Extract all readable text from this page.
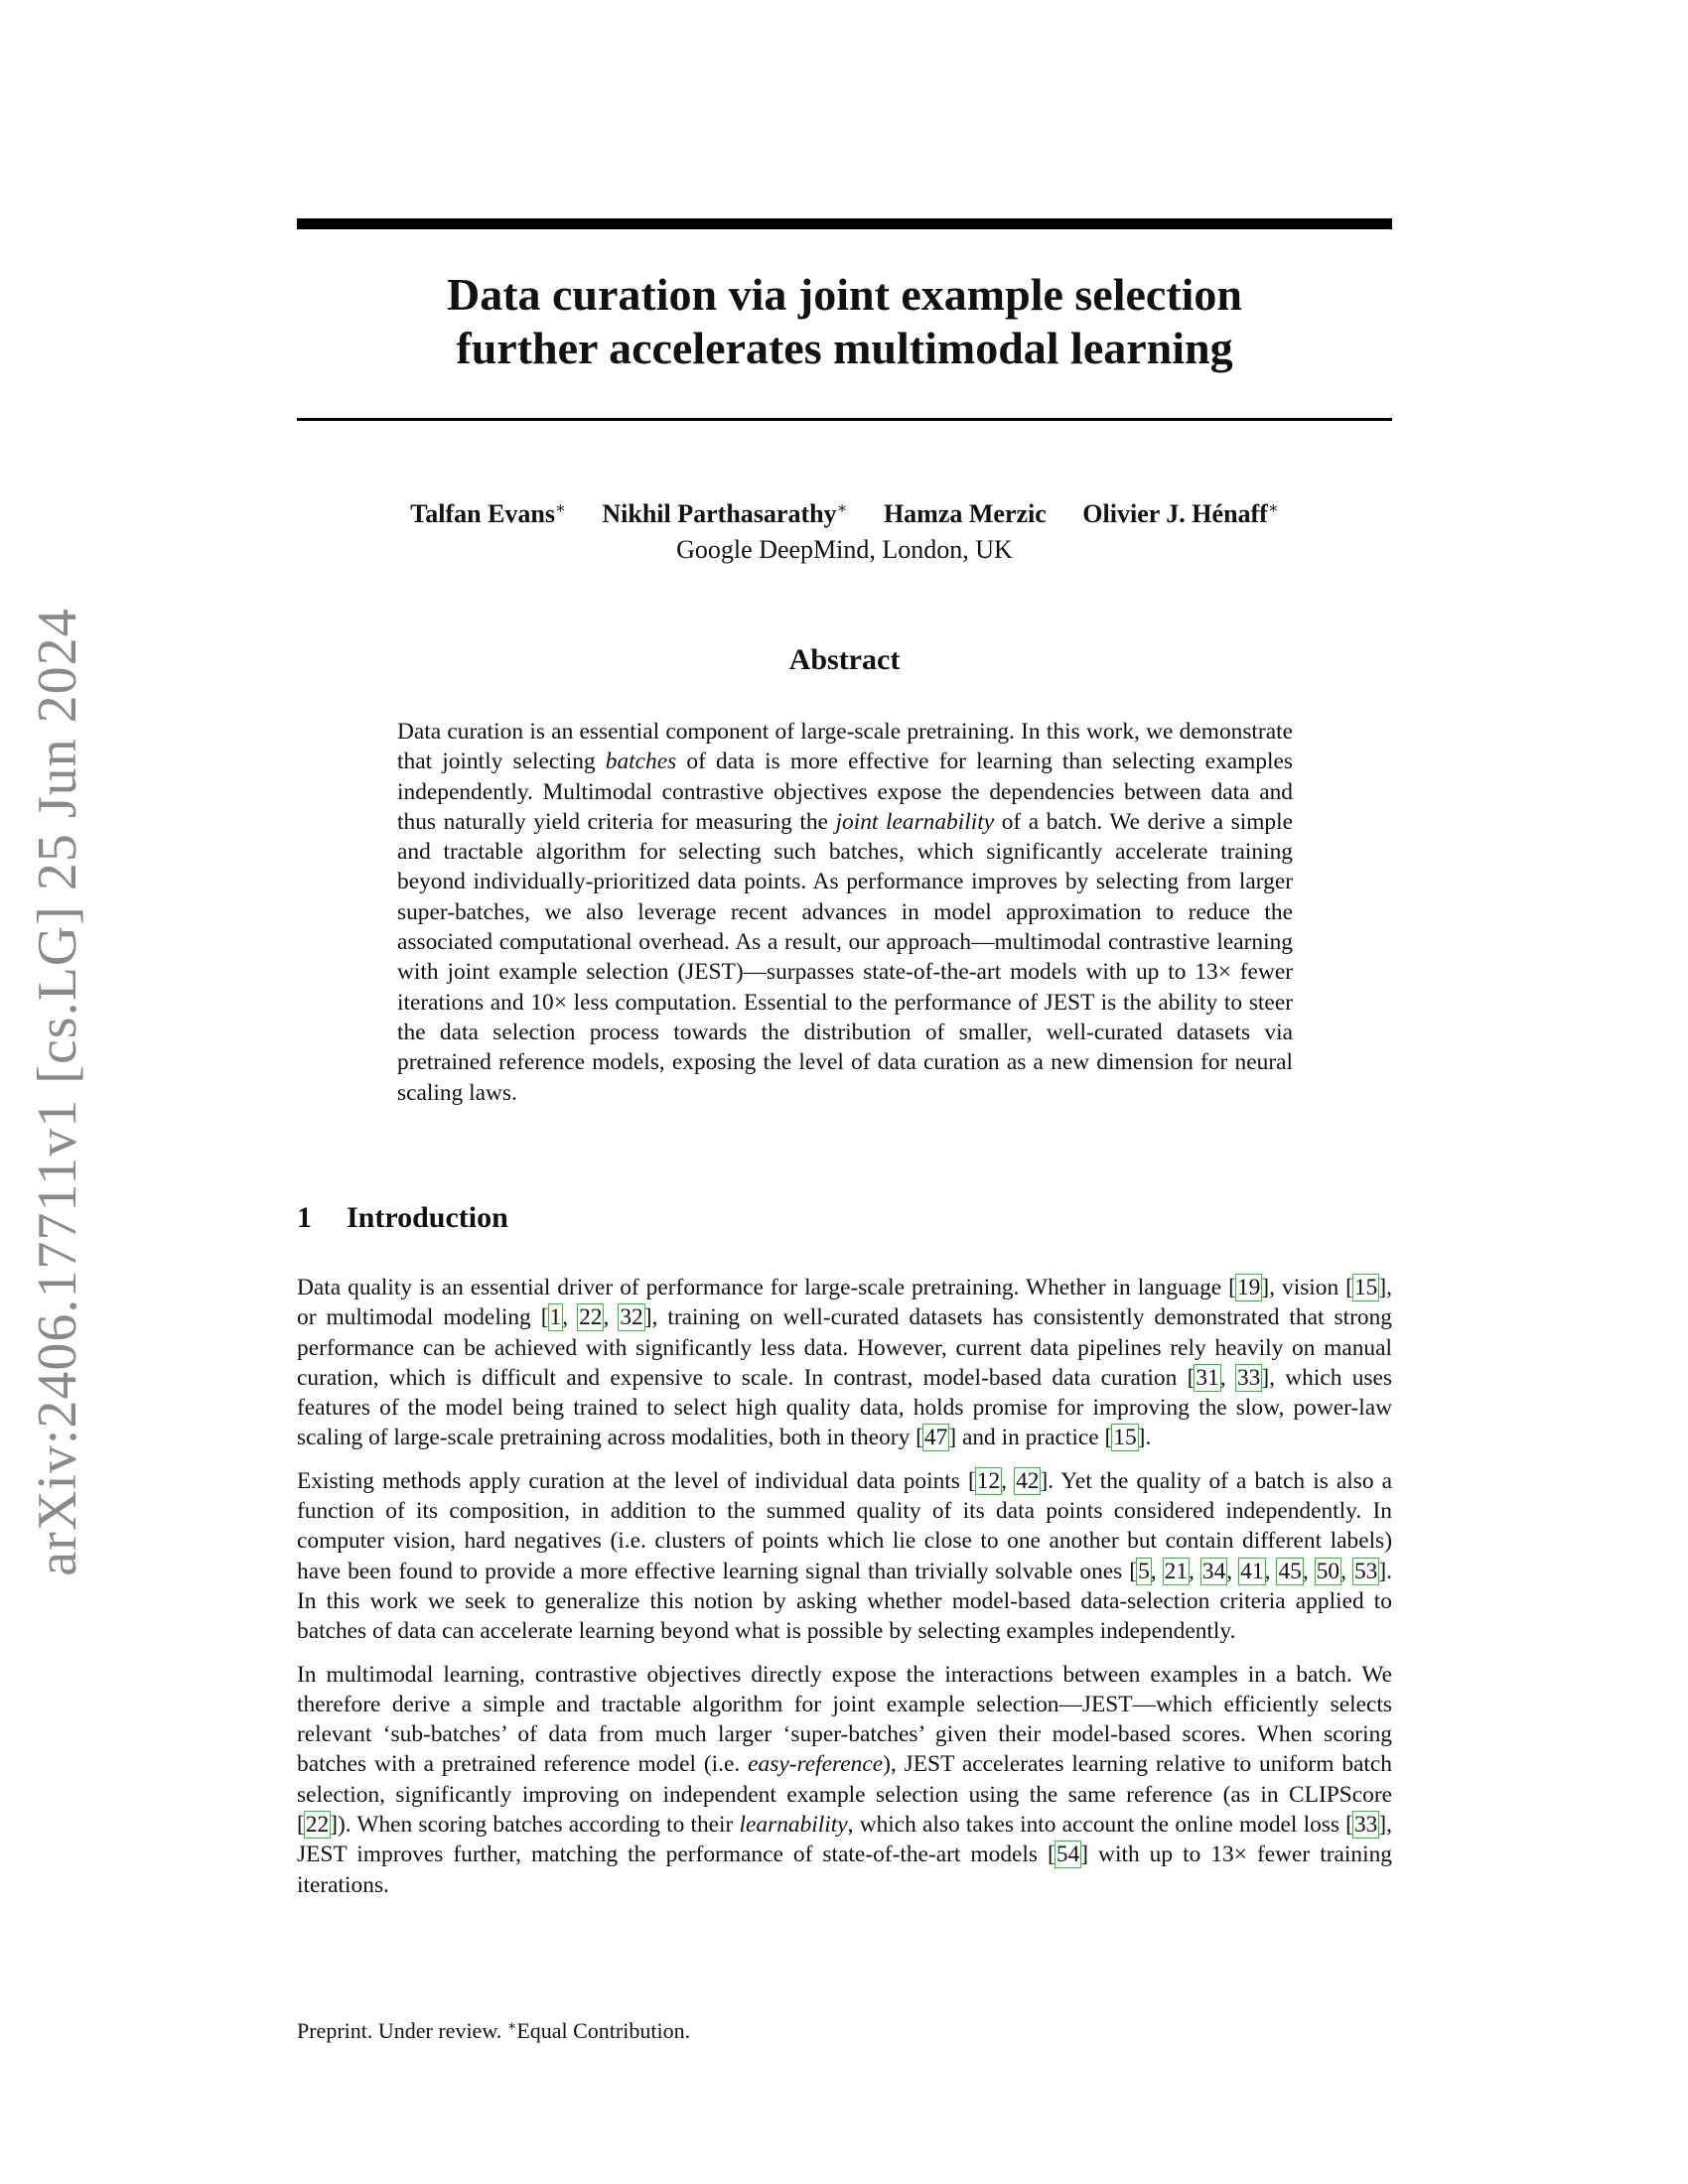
arXiv:2406.17711v1 [cs.LG] 25 Jun 2024
Data curation via joint example selection
further accelerates multimodal learning
Talfan Evans∗ Nikhil Parthasarathy∗ Hamza Merzic Olivier J. Hénaff∗
Google DeepMind, London, UK
Abstract

Data curation is an essential component of large-scale pretraining. In this work, we demonstrate that jointly selecting batches of data is more effective for learning than selecting examples independently. Multimodal contrastive objectives expose the dependencies between data and thus naturally yield criteria for measuring the joint learnability of a batch. We derive a simple and tractable algorithm for selecting such batches, which significantly accelerate training beyond individually-prioritized data points. As performance improves by selecting from larger super-batches, we also leverage recent advances in model approximation to reduce the associated computational overhead. As a result, our approach—multimodal contrastive learning with joint example selection (JEST)—surpasses state-of-the-art models with up to 13× fewer iterations and 10× less computation. Essential to the performance of JEST is the ability to steer the data selection process towards the distribution of smaller, well-curated datasets via pretrained reference models, exposing the level of data curation as a new dimension for neural scaling laws.

1 Introduction

Data quality is an essential driver of performance for large-scale pretraining. Whether in language [19], vision [15], or multimodal modeling [1, 22, 32], training on well-curated datasets has consistently demonstrated that strong performance can be achieved with significantly less data. However, current data pipelines rely heavily on manual curation, which is difficult and expensive to scale. In contrast, model-based data curation [31, 33], which uses features of the model being trained to select high quality data, holds promise for improving the slow, power-law scaling of large-scale pretraining across modalities, both in theory [47] and in practice [15].

Existing methods apply curation at the level of individual data points [12, 42]. Yet the quality of a batch is also a function of its composition, in addition to the summed quality of its data points considered independently. In computer vision, hard negatives (i.e. clusters of points which lie close to one another but contain different labels) have been found to provide a more effective learning signal than trivially solvable ones [5, 21, 34, 41, 45, 50, 53]. In this work we seek to generalize this notion by asking whether model-based data-selection criteria applied to batches of data can accelerate learning beyond what is possible by selecting examples independently.

In multimodal learning, contrastive objectives directly expose the interactions between examples in a batch. We therefore derive a simple and tractable algorithm for joint example selection—JEST—which efficiently selects relevant ‘sub-batches’ of data from much larger ‘super-batches’ given their model-based scores. When scoring batches with a pretrained reference model (i.e. easy-reference), JEST accelerates learning relative to uniform batch selection, significantly improving on independent example selection using the same reference (as in CLIPScore [22]). When scoring batches according to their learnability, which also takes into account the online model loss [33], JEST improves further, matching the performance of state-of-the-art models [54] with up to 13× fewer training iterations.

Preprint. Under review. ∗Equal Contribution.
